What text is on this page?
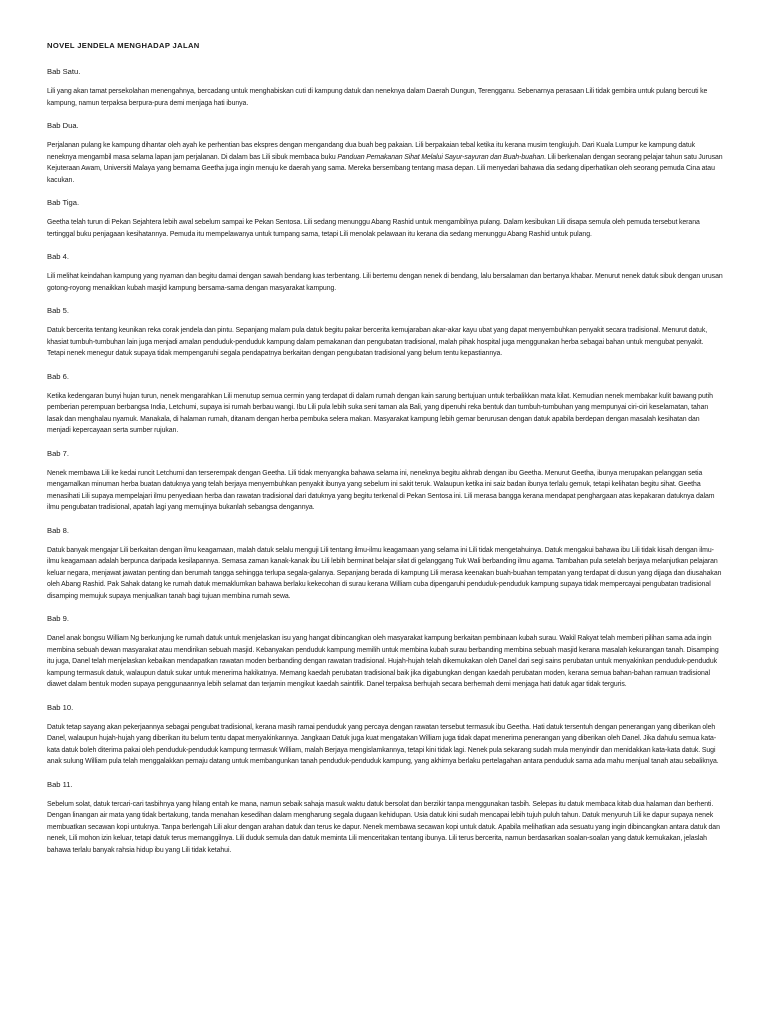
NOVEL JENDELA MENGHADAP JALAN
Bab Satu.

Lili yang akan tamat persekolahan menengahnya, bercadang untuk menghabiskan cuti di kampung datuk dan neneknya dalam Daerah Dungun, Terengganu. Sebenarnya perasaan Lili tidak gembira untuk pulang bercuti ke kampung, namun terpaksa berpura-pura demi menjaga hati ibunya.

Bab Dua.

Perjalanan pulang ke kampung dihantar oleh ayah ke perhentian bas ekspres dengan mengandang dua buah beg pakaian. Lili berpakaian tebal ketika itu kerana musim tengkujuh. Dari Kuala Lumpur ke kampung datuk neneknya mengambil masa selama lapan jam perjalanan. Di dalam bas Lili sibuk membaca buku Panduan Pemakanan Sihat Melalui Sayur-sayuran dan Buah-buahan. Lili berkenalan dengan seorang pelajar tahun satu Jurusan Kejuteraan Awam, Universiti Malaya yang bernama Geetha juga ingin menuju ke daerah yang sama. Mereka bersembang tentang masa depan. Lili menyedari bahawa dia sedang diperhatikan oleh seorang pemuda Cina atau kacukan.

Bab Tiga.

Geetha telah turun di Pekan Sejahtera lebih awal sebelum sampai ke Pekan Sentosa. Lili sedang menunggu Abang Rashid untuk mengambilnya pulang. Dalam kesibukan Lili disapa semula oleh pemuda tersebut kerana tertinggal buku penjagaan kesihatannya. Pemuda itu mempelawanya untuk tumpang sama, tetapi Lili menolak pelawaan itu kerana dia sedang menunggu Abang Rashid untuk pulang.

Bab 4.

Lili melihat keindahan kampung yang nyaman dan begitu damai dengan sawah bendang luas terbentang. Lili bertemu dengan nenek di bendang, lalu bersalaman dan bertanya khabar. Menurut nenek datuk sibuk dengan urusan gotong-royong menaikkan kubah masjid kampung bersama-sama dengan masyarakat kampung.

Bab 5.

Datuk bercerita tentang keunikan reka corak jendela dan pintu. Sepanjang malam pula datuk begitu pakar bercerita kemujaraban akar-akar kayu ubat yang dapat menyembuhkan penyakit secara tradisional. Menurut datuk, khasiat tumbuh-tumbuhan lain juga menjadi amalan penduduk-penduduk kampung dalam pemakanan dan pengubatan tradisional, malah pihak hospital juga menggunakan herba sebagai bahan untuk mengubat penyakit. Tetapi nenek menegur datuk supaya tidak mempengaruhi segala pendapatnya berkaitan dengan pengubatan tradisional yang belum tentu kepastiannya.

Bab 6.

Ketika kedengaran bunyi hujan turun, nenek mengarahkan Lili menutup semua cermin yang terdapat di dalam rumah dengan kain sarung bertujuan untuk terbalikkan mata kilat. Kemudian nenek membakar kulit bawang putih pemberian perempuan berbangsa India, Letchumi, supaya isi rumah berbau wangi. Ibu Lili pula lebih suka seni taman ala Bali, yang dipenuhi reka bentuk dan tumbuh-tumbuhan yang mempunyai ciri-ciri keselamatan, tahan lasak dan menghalau nyamuk. Manakala, di halaman rumah, ditanam dengan herba pembuka selera makan. Masyarakat kampung lebih gemar berurusan dengan datuk apabila berdepan dengan masalah kesihatan dan menjadi kepercayaan serta sumber rujukan.

Bab 7.

Nenek membawa Lili ke kedai runcit Letchumi dan terserempak dengan Geetha. Lili tidak menyangka bahawa selama ini, neneknya begitu akhrab dengan ibu Geetha. Menurut Geetha, ibunya merupakan pelanggan setia mengamalkan minuman herba buatan datuknya yang telah berjaya menyembuhkan penyakit ibunya yang sebelum ini sakit teruk. Walaupun ketika ini saiz badan ibunya terlalu gemuk, tetapi kelihatan begitu sihat. Geetha menasihati Lili supaya mempelajari ilmu penyediaan herba dan rawatan tradisional dari datuknya yang begitu terkenal di Pekan Sentosa ini. Lili merasa bangga kerana mendapat penghargaan atas kepakaran datuknya dalam ilmu pengubatan tradisional, apatah lagi yang memujinya bukanlah sebangsa dengannya.

Bab 8.

Datuk banyak mengajar Lili berkaitan dengan ilmu keagamaan, malah datuk selalu menguji Lili tentang ilmu-ilmu keagamaan yang selama ini Lili tidak mengetahuinya. Datuk mengakui bahawa ibu Lili tidak kisah dengan ilmu-ilmu keagamaan adalah berpunca daripada kesilapannya. Semasa zaman kanak-kanak ibu Lili lebih berminat belajar silat di gelanggang Tuk Wali berbanding ilmu agama. Tambahan pula setelah berjaya melanjutkan pelajaran keluar negara, menjawat jawatan penting dan berumah tangga sehingga terlupa segala-galanya. Sepanjang berada di kampung Lili merasa keenakan buah-buahan tempatan yang terdapat di dusun yang dijaga dan diusahakan oleh Abang Rashid. Pak Sahak datang ke rumah datuk memaklumkan bahawa berlaku kekecohan di surau kerana William cuba dipengaruhi penduduk-penduduk kampung supaya tidak mempercayai pengubatan tradisional disamping memujuk supaya menjualkan tanah bagi tujuan membina rumah sewa.

Bab 9.

Danel anak bongsu William Ng berkunjung ke rumah datuk untuk menjelaskan isu yang hangat dibincangkan oleh masyarakat kampung berkaitan pembinaan kubah surau. Wakil Rakyat telah memberi pilihan sama ada ingin membina sebuah dewan masyarakat atau mendirikan sebuah masjid. Kebanyakan penduduk kampung memilih untuk membina kubah surau berbanding membina sebuah masjid kerana masalah kekurangan tanah. Disamping itu juga, Danel telah menjelaskan kebaikan mendapatkan rawatan moden berbanding dengan rawatan tradisional. Hujah-hujah telah dikemukakan oleh Danel dari segi sains perubatan untuk menyakinkan penduduk-penduduk kampung termasuk datuk, walaupun datuk sukar untuk menerima hakikatnya. Memang kaedah perubatan tradisional baik jika digabungkan dengan kaedah perubatan moden, kerana semua bahan-bahan ramuan tradisional diawet dalam bentuk moden supaya penggunaannya lebih selamat dan terjamin mengikut kaedah saintifik. Danel terpaksa berhujah secara berhemah demi menjaga hati datuk agar tidak terguris.

Bab 10.

Datuk tetap sayang akan pekerjaannya sebagai pengubat tradisional, kerana masih ramai penduduk yang percaya dengan rawatan tersebut termasuk ibu Geetha. Hati datuk tersentuh dengan penerangan yang diberikan oleh Danel, walaupun hujah-hujah yang diberikan itu belum tentu dapat menyakinkannya. Jangkaan Datuk juga kuat mengatakan William juga tidak dapat menerima penerangan yang diberikan oleh Danel. Jika dahulu semua kata-kata datuk boleh diterima pakai oleh penduduk-penduduk kampung termasuk William, malah Berjaya mengislamkannya, tetapi kini tidak lagi. Nenek pula sekarang sudah mula menyindir dan menidakkan kata-kata datuk. Sugi anak sulung William pula telah menggalakkan pemaju datang untuk membangunkan tanah penduduk-penduduk kampung, yang akhirnya berlaku pertelagahan antara penduduk sama ada mahu menjual tanah atau sebaliknya.

Bab 11.

Sebelum solat, datuk tercari-cari tasbihnya yang hilang entah ke mana, namun sebaik sahaja masuk waktu datuk bersolat dan berzikir tanpa menggunakan tasbih. Selepas itu datuk membaca kitab dua halaman dan berhenti. Dengan linangan air mata yang tidak bertakung, tanda menahan kesedihan dalam mengharung segala dugaan kehidupan. Usia datuk kini sudah mencapai lebih tujuh puluh tahun. Datuk menyuruh Lili ke dapur supaya nenek membuatkan secawan kopi untuknya. Tanpa berlengah Lili akur dengan arahan datuk dan terus ke dapur. Nenek membawa secawan kopi untuk datuk. Apabila melihatkan ada sesuatu yang ingin dibincangkan antara datuk dan nenek, Lili mohon izin keluar, tetapi datuk terus memanggilnya. Lili duduk semula dan datuk meminta Lili menceritakan tentang ibunya. Lili terus bercerita, namun berdasarkan soalan-soalan yang datuk kemukakan, jelaslah bahawa terlalu banyak rahsia hidup ibu yang Lili tidak ketahui.
